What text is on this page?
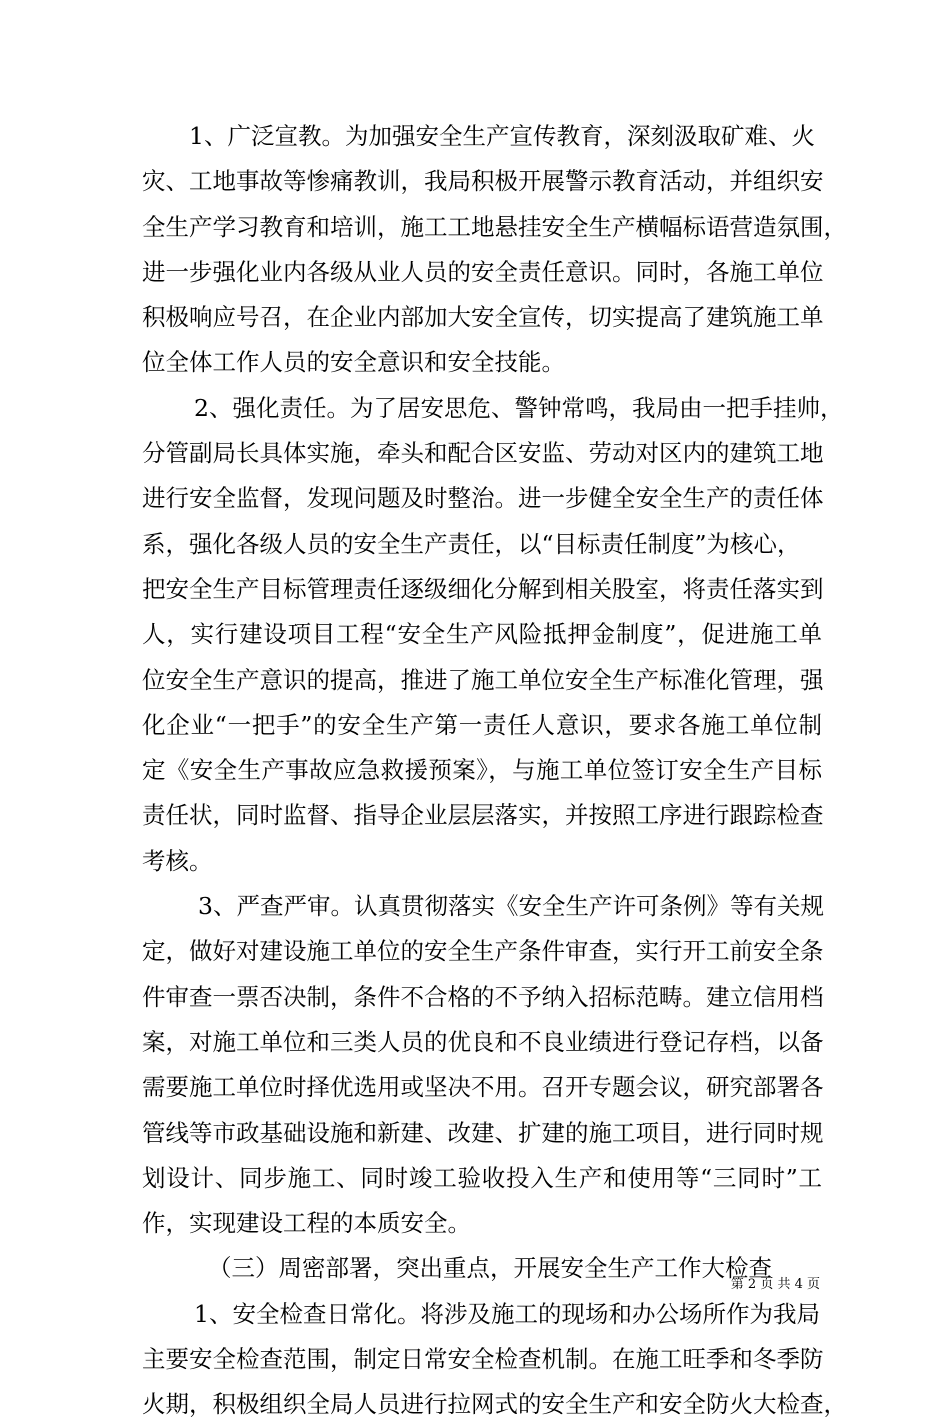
1、广泛宣教。为加强安全生产宣传教育，深刻汲取矿难、火
灾、工地事故等惨痛教训，我局积极开展警示教育活动，并组织安
全生产学习教育和培训，施工工地悬挂安全生产横幅标语营造氛围，
进一步强化业内各级从业人员的安全责任意识。同时，各施工单位
积极响应号召，在企业内部加大安全宣传，切实提高了建筑施工单
位全体工作人员的安全意识和安全技能。
2、强化责任。为了居安思危、警钟常鸣，我局由一把手挂帅，
分管副局长具体实施，牵头和配合区安监、劳动对区内的建筑工地
进行安全监督，发现问题及时整治。进一步健全安全生产的责任体
系，强化各级人员的安全生产责任，以“目标责任制度”为核心，
把安全生产目标管理责任逐级细化分解到相关股室，将责任落实到
人，实行建设项目工程“安全生产风险抵押金制度”，促进施工单
位安全生产意识的提高，推进了施工单位安全生产标准化管理，强
化企业“一把手”的安全生产第一责任人意识，要求各施工单位制
定《安全生产事故应急救援预案》，与施工单位签订安全生产目标
责任状，同时监督、指导企业层层落实，并按照工序进行跟踪检查
考核。
3、严查严审。认真贯彻落实《安全生产许可条例》等有关规
定，做好对建设施工单位的安全生产条件审查，实行开工前安全条
件审查一票否决制，条件不合格的不予纳入招标范畴。建立信用档
案，对施工单位和三类人员的优良和不良业绩进行登记存档，以备
需要施工单位时择优选用或坚决不用。召开专题会议，研究部署各
管线等市政基础设施和新建、改建、扩建的施工项目，进行同时规
划设计、同步施工、同时竣工验收投入生产和使用等“三同时”工
作，实现建设工程的本质安全。
（三）周密部署，突出重点，开展安全生产工作大检查
1、安全检查日常化。将涉及施工的现场和办公场所作为我局
主要安全检查范围，制定日常安全检查机制。在施工旺季和冬季防
火期，积极组织全局人员进行拉网式的安全生产和安全防火大检查，
第 2 页 共 4 页
